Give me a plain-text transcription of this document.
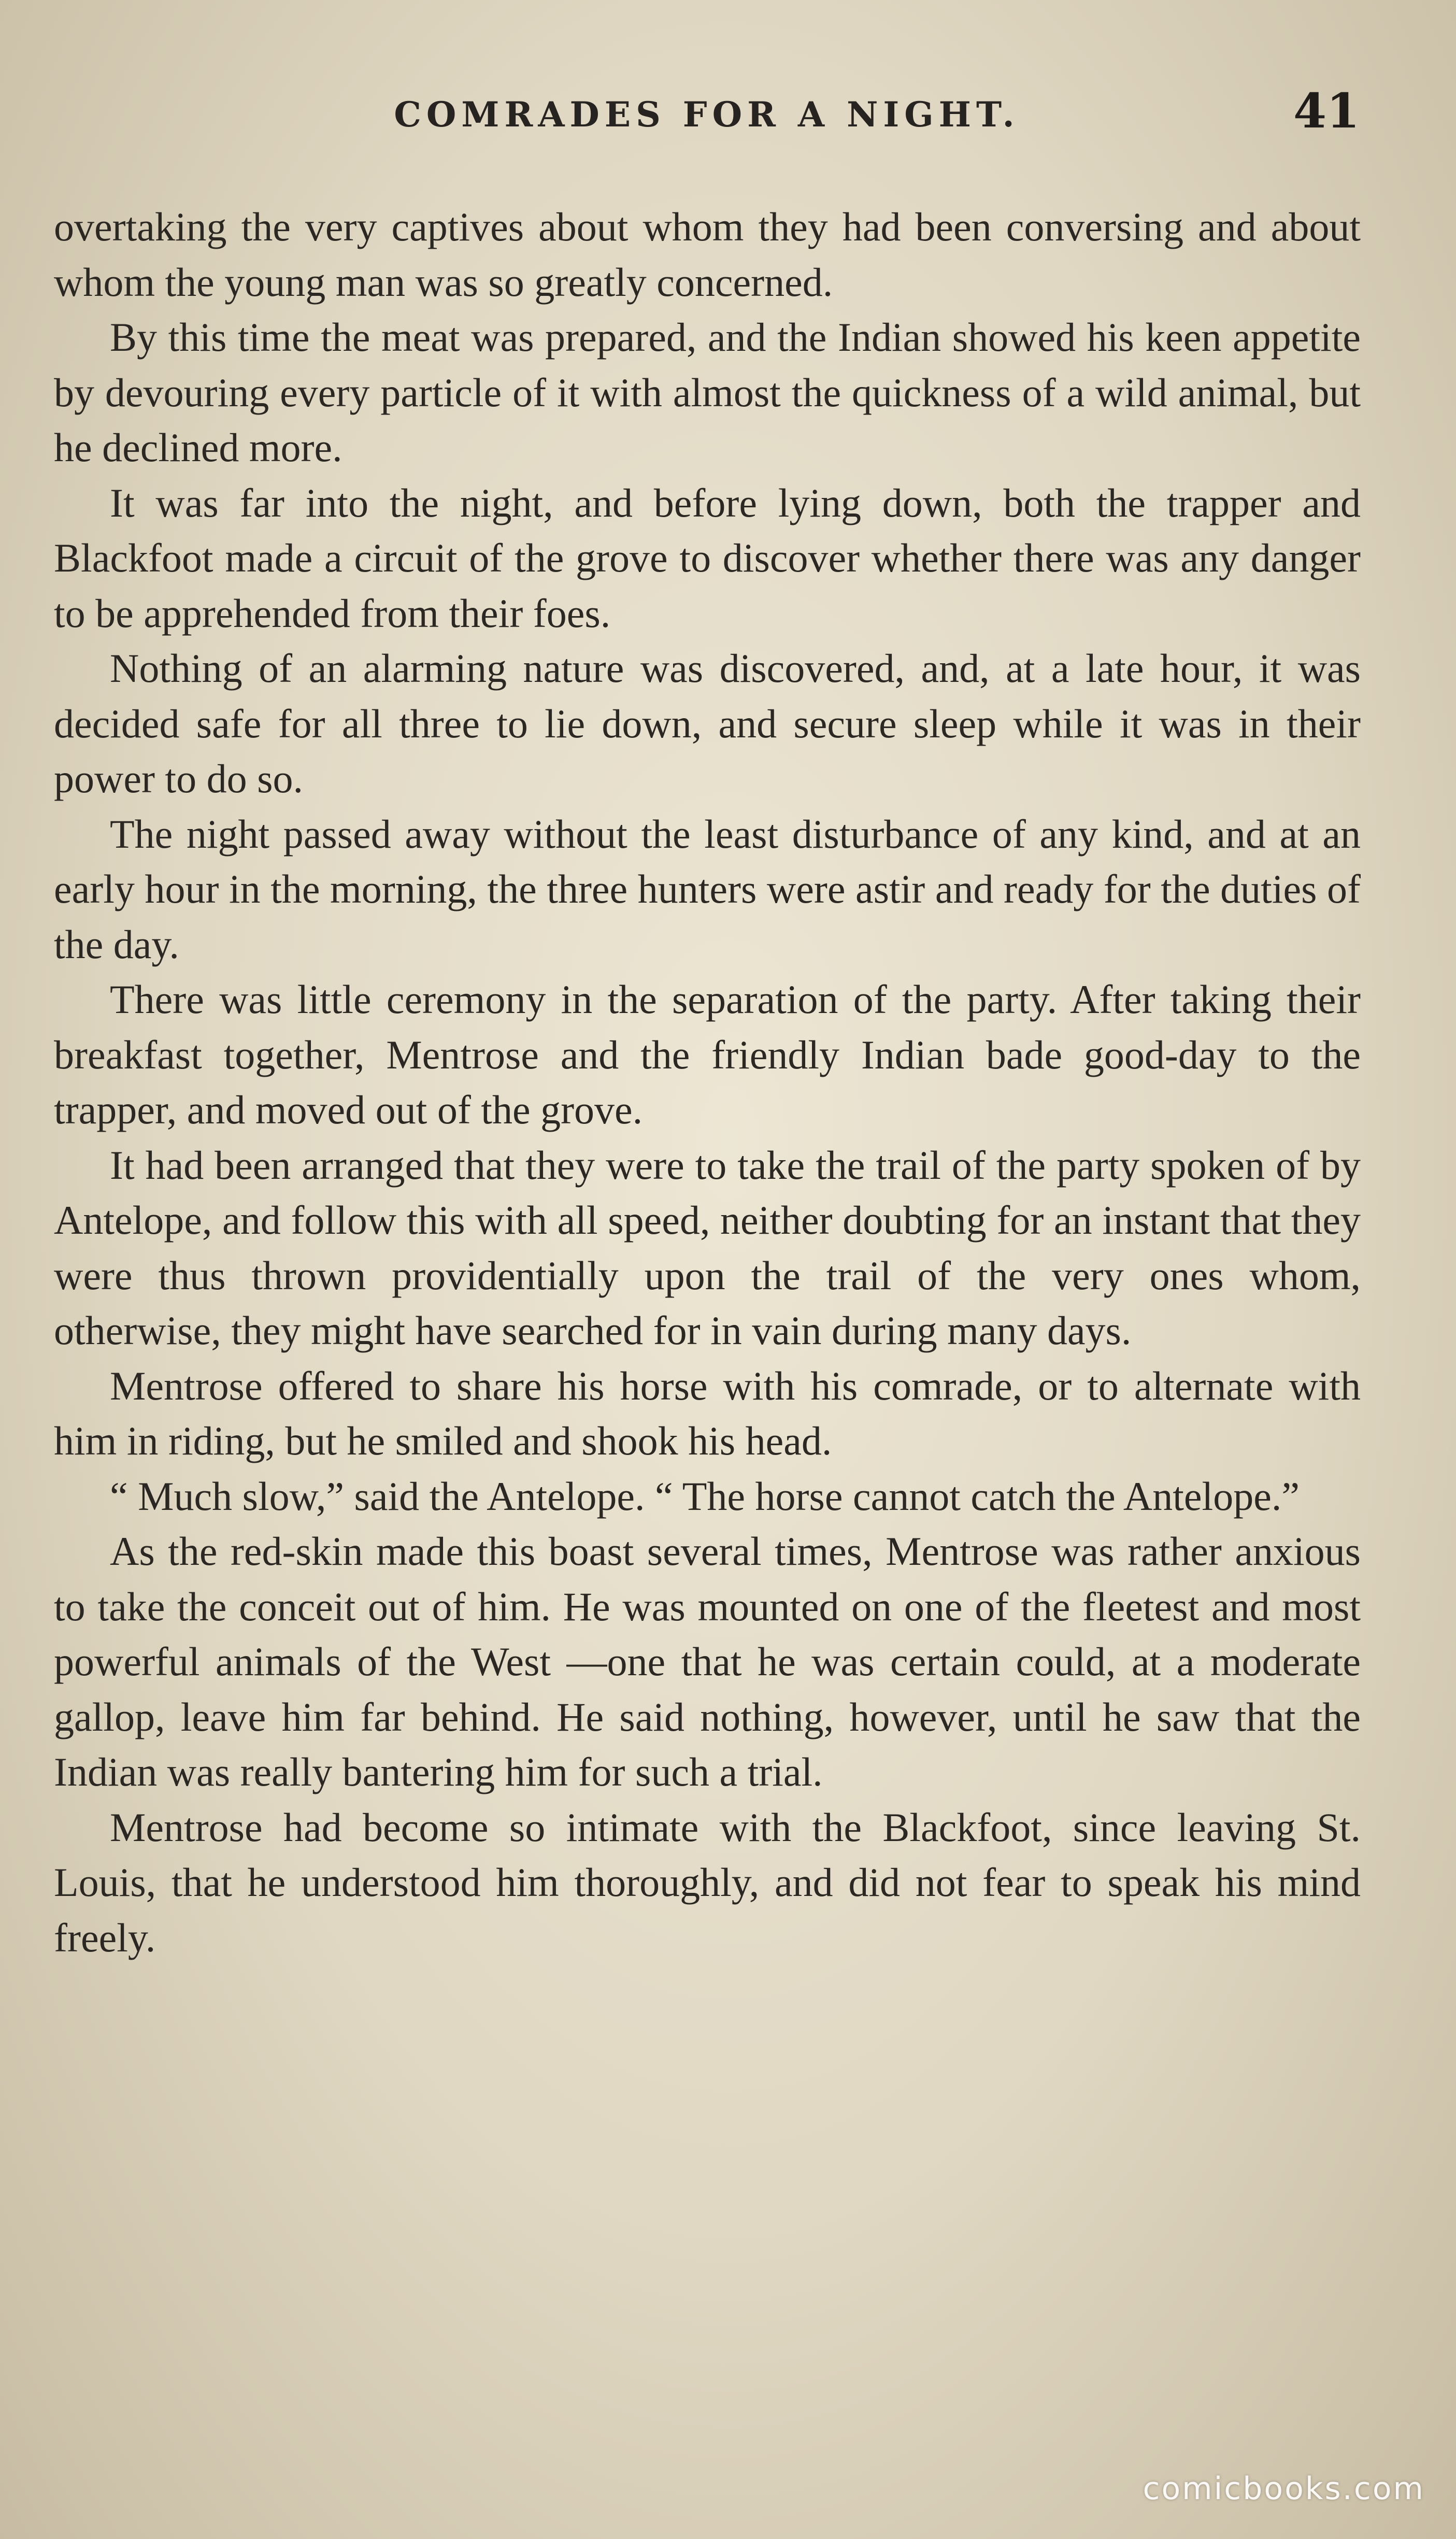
COMRADES FOR A NIGHT.	41

overtaking the very captives about whom they had been conversing and about whom the young man was so greatly concerned.

By this time the meat was prepared, and the Indian showed his keen appetite by devouring every particle of it with almost the quickness of a wild animal, but he declined more.

It was far into the night, and before lying down, both the trapper and Blackfoot made a circuit of the grove to discover whether there was any danger to be apprehended from their foes.

Nothing of an alarming nature was discovered, and, at a late hour, it was decided safe for all three to lie down, and secure sleep while it was in their power to do so.

The night passed away without the least disturbance of any kind, and at an early hour in the morning, the three hunters were astir and ready for the duties of the day.

There was little ceremony in the separation of the party. After taking their breakfast together, Mentrose and the friendly Indian bade good-day to the trapper, and moved out of the grove.

It had been arranged that they were to take the trail of the party spoken of by Antelope, and follow this with all speed, neither doubting for an instant that they were thus thrown providentially upon the trail of the very ones whom, otherwise, they might have searched for in vain during many days.

Mentrose offered to share his horse with his comrade, or to alternate with him in riding, but he smiled and shook his head.

“ Much slow,” said the Antelope. “ The horse cannot catch the Antelope.”

As the red-skin made this boast several times, Mentrose was rather anxious to take the conceit out of him. He was mounted on one of the fleetest and most powerful animals of the West —one that he was certain could, at a moderate gallop, leave him far behind. He said nothing, however, until he saw that the Indian was really bantering him for such a trial.

Mentrose had become so intimate with the Blackfoot, since leaving St. Louis, that he understood him thoroughly, and did not fear to speak his mind freely.

comicbooks.com
